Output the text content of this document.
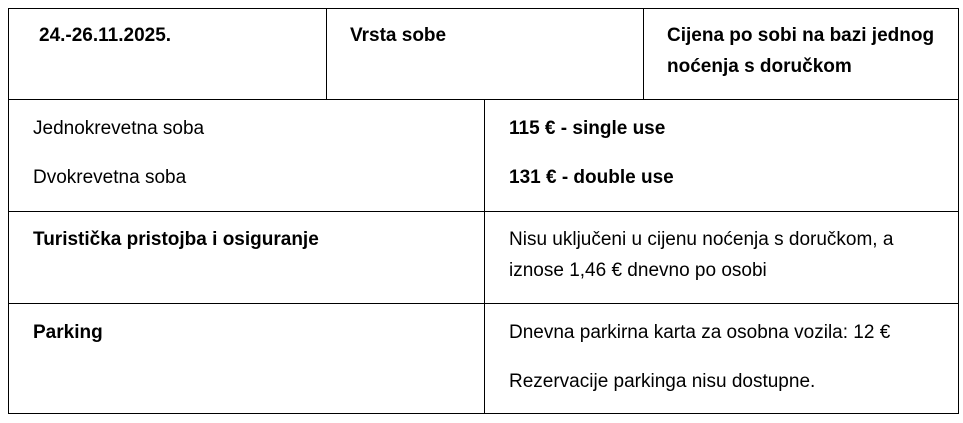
24.-26.11.2025.	Vrsta sobe	Cijena po sobi na bazi jednog
noćenja s doručkom
Jednokrevetna soba	115 € - single use
Dvokrevetna soba	131 € - double use
Turistička pristojba i osiguranje	Nisu uključeni u cijenu noćenja s doručkom, a
iznose 1,46 € dnevno po osobi
Parking	Dnevna parkirna karta za osobna vozila: 12 €
Rezervacije parkinga nisu dostupne.
